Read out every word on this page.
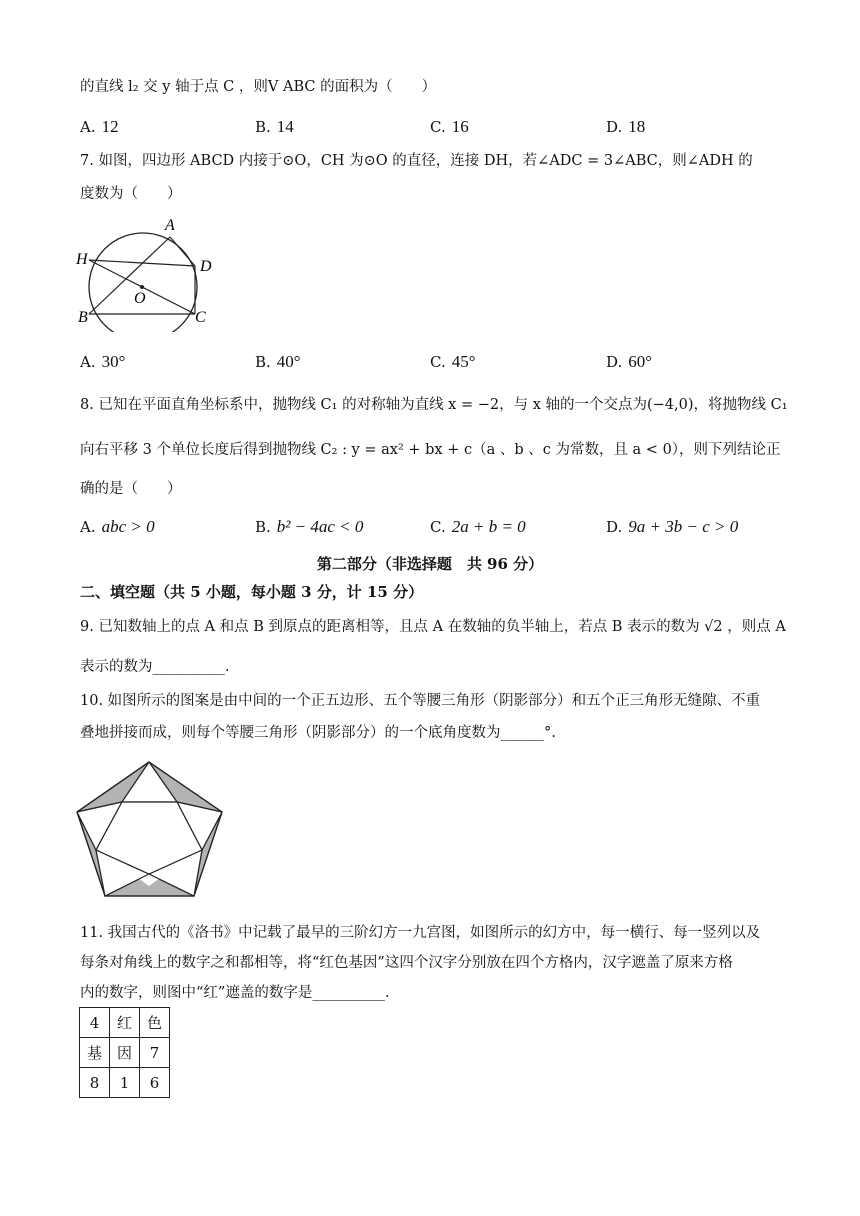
的直线 l₂ 交 y 轴于点 C ，则V ABC 的面积为（　　）
A. 12	B. 14	C. 16	D. 18
7. 如图，四边形 ABCD 内接于⊙O，CH 为⊙O 的直径，连接 DH，若∠ADC = 3∠ABC，则∠ADH 的
度数为（　　）
H
A
D
O
B	C
A. 30°	B. 40°	C. 45°	D. 60°
8. 已知在平面直角坐标系中，抛物线 C₁ 的对称轴为直线 x = −2，与 x 轴的一个交点为(−4,0)，将抛物线 C₁
向右平移 3 个单位长度后得到抛物线 C₂ : y = ax² + bx + c（a 、b 、c 为常数，且 a < 0），则下列结论正
确的是（　　）
A. abc > 0	B. b² − 4ac < 0	C. 2a + b = 0	D. 9a + 3b − c > 0
第二部分（非选择题　共 96 分）
二、填空题（共 5 小题，每小题 3 分，计 15 分）
9. 已知数轴上的点 A 和点 B 到原点的距离相等，且点 A 在数轴的负半轴上，若点 B 表示的数为 √2 ，则点 A
表示的数为__________.
10. 如图所示的图案是由中间的一个正五边形、五个等腰三角形（阴影部分）和五个正三角形无缝隙、不重
叠地拼接而成，则每个等腰三角形（阴影部分）的一个底角度数为______°.
11. 我国古代的《洛书》中记载了最早的三阶幻方一九宫图，如图所示的幻方中，每一横行、每一竖列以及
每条对角线上的数字之和都相等，将“红色基因”这四个汉字分别放在四个方格内，汉字遮盖了原来方格
内的数字，则图中“红”遮盖的数字是__________.
4	红	色
基	因	7
8	1	6
